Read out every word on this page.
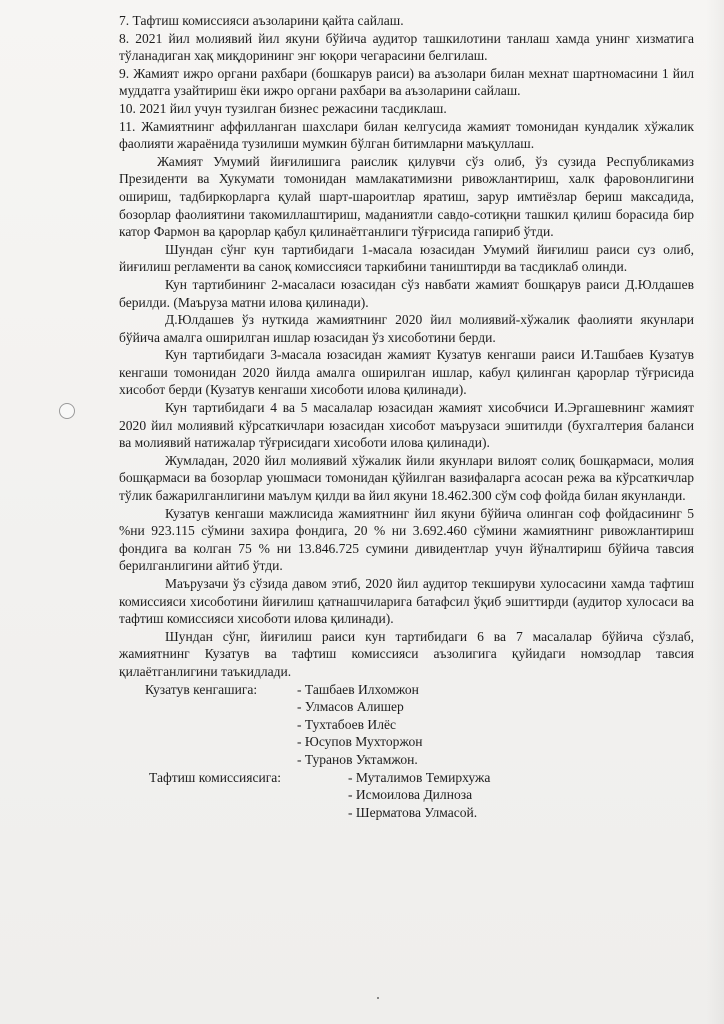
7. Тафтиш комиссияси аъзоларини қайта сайлаш.

8. 2021 йил молиявий йил якуни бўйича аудитор ташкилотини танлаш хамда унинг хизматига тўланадиган хақ миқдорининг энг юқори чегарасини белгилаш.

9. Жамият ижро органи рахбари (бошкарув раиси) ва аъзолари билан мехнат шартномасини 1 йил муддатга узайтириш ёки ижро органи рахбари ва аъзоларини сайлаш.

10. 2021 йил учун тузилган бизнес режасини тасдиклаш.

11. Жамиятнинг аффилланган шахслари билан келгусида жамият томонидан кундалик хўжалик фаолияти жараёнида тузилиши мумкин бўлган битимларни маъқуллаш.

Жамият Умумий йиғилишига раислик қилувчи сўз олиб, ўз сузида Республикамиз Президенти ва Хукумати томонидан мамлакатимизни ривожлантириш, халк фаровонлигини ошириш, тадбиркорларга қулай шарт-шароитлар яратиш, зарур имтиёзлар бериш максадида, бозорлар фаолиятини такомиллаштириш, маданиятли савдо-сотиқни ташкил қилиш борасида бир катор Фармон ва қарорлар қабул қилинаётганлиги тўғрисида гапириб ўтди.

Шундан сўнг кун тартибидаги 1-масала юзасидан Умумий йиғилиш раиси суз олиб, йиғилиш регламенти ва саноқ комиссияси таркибини таништирди ва тасдиклаб олинди.

Кун тартибининг 2-масаласи юзасидан сўз навбати жамият бошқарув раиси Д.Юлдашев берилди. (Маъруза матни илова қилинади).

Д.Юлдашев ўз нуткида жамиятнинг 2020 йил молиявий-хўжалик фаолияти якунлари бўйича амалга оширилган ишлар юзасидан ўз хисоботини берди.

Кун тартибидаги 3-масала юзасидан жамият Кузатув кенгаши раиси И.Ташбаев Кузатув кенгаши томонидан 2020 йилда амалга оширилган ишлар, кабул қилинган қарорлар тўғрисида хисобот берди (Кузатув кенгаши хисоботи илова қилинади).

Кун тартибидаги 4 ва 5 масалалар юзасидан жамият хисобчиси И.Эргашевнинг жамият 2020 йил молиявий кўрсаткичлари юзасидан хисобот маърузаси эшитилди (бухгалтерия баланси ва молиявий натижалар тўғрисидаги хисоботи илова қилинади).

Жумладан, 2020 йил молиявий хўжалик йили якунлари вилоят солиқ бошқармаси, молия бошқармаси ва бозорлар уюшмаси томонидан қўйилган вазифаларга асосан режа ва кўрсаткичлар тўлик бажарилганлигини маълум қилди ва йил якуни 18.462.300 сўм соф фойда билан якунланди.

Кузатув кенгаши мажлисида жамиятнинг йил якуни бўйича олинган соф фойдасининг 5 %ни 923.115 сўмини захира фондига, 20 % ни 3.692.460 сўмини жамиятнинг ривожлантириш фондига ва колган 75 % ни 13.846.725 сумини дивидентлар учун йўналтириш бўйича тавсия берилганлигини айтиб ўтди.

Маърузачи ўз сўзида давом этиб, 2020 йил аудитор текшируви хулосасини хамда тафтиш комиссияси хисоботини йиғилиш қатнашчиларига батафсил ўқиб эшиттирди (аудитор хулосаси ва тафтиш комиссияси хисоботи илова қилинади).

Шундан сўнг, йиғилиш раиси кун тартибидаги 6 ва 7 масалалар бўйича сўзлаб, жамиятнинг Кузатув ва тафтиш комиссияси аъзолигига қуйидаги номзодлар тавсия қилаётганлигини таъкидлади.

Кузатув кенгашига:	- Ташбаев Илхомжон
- Улмасов Алишер
- Тухтабоев Илёс
- Юсупов Мухторжон
- Туранов Уктамжон.
Тафтиш комиссиясига:	- Муталимов Темирхужа
- Исмоилова Дилноза
- Шерматова Улмасой.
